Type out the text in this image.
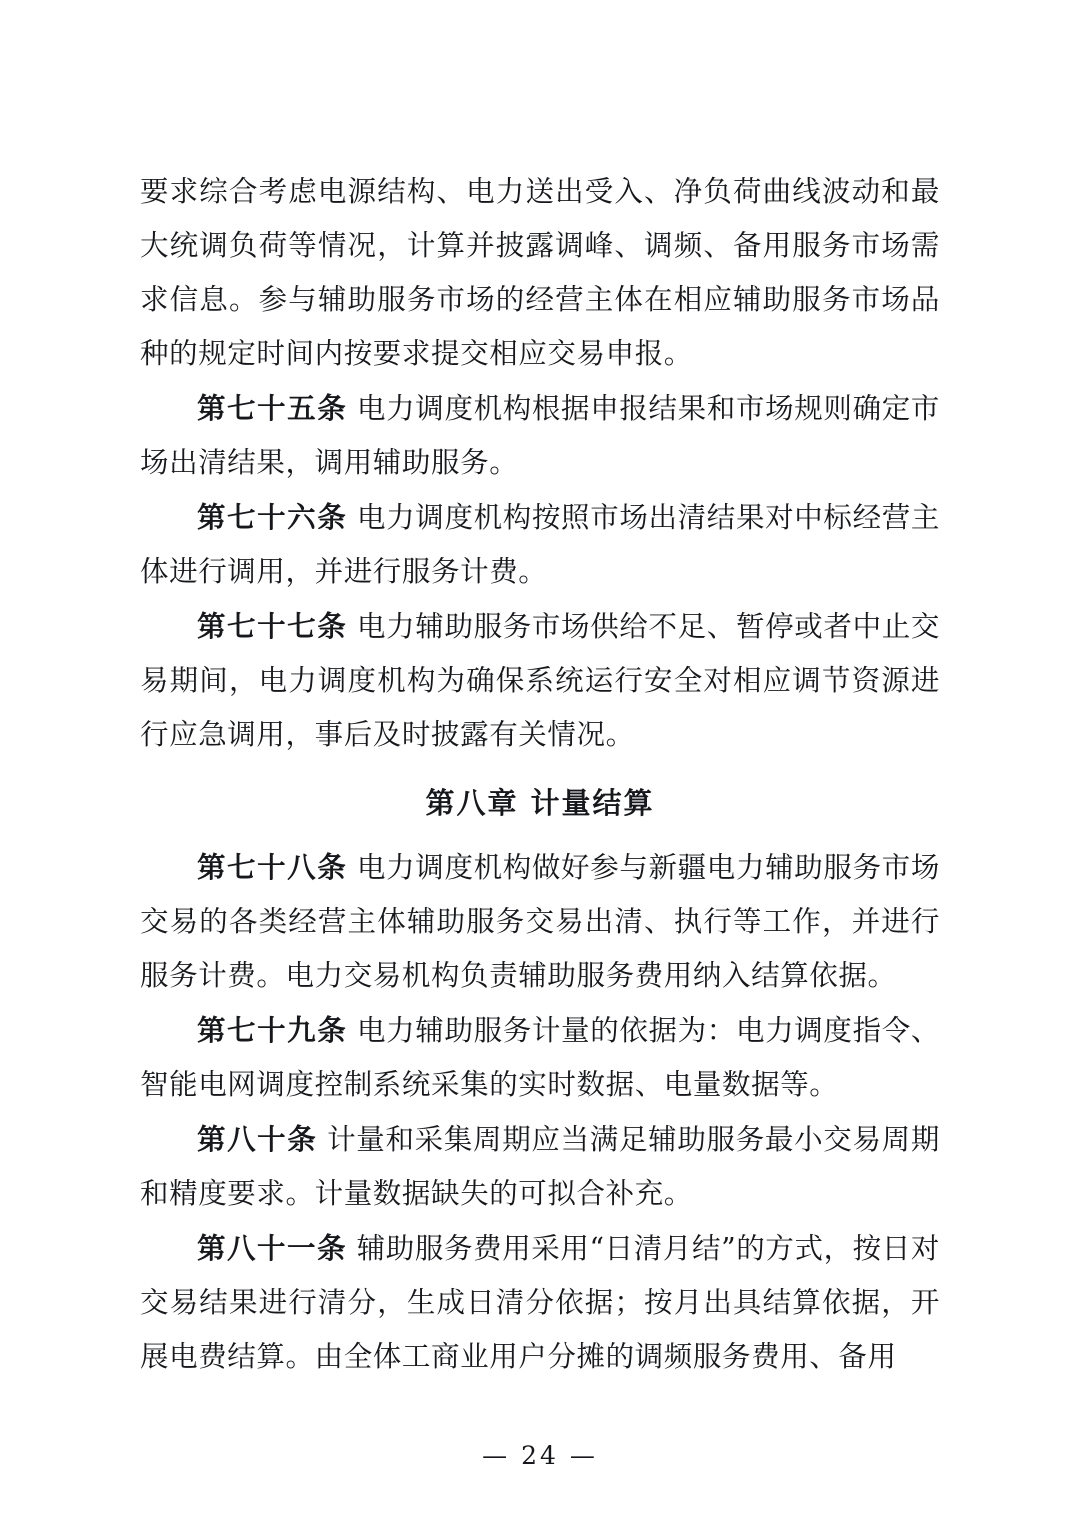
要求综合考虑电源结构、电力送出受入、净负荷曲线波动和最大统调负荷等情况，计算并披露调峰、调频、备用服务市场需求信息。参与辅助服务市场的经营主体在相应辅助服务市场品种的规定时间内按要求提交相应交易申报。

第七十五条 电力调度机构根据申报结果和市场规则确定市场出清结果，调用辅助服务。

第七十六条 电力调度机构按照市场出清结果对中标经营主体进行调用，并进行服务计费。

第七十七条 电力辅助服务市场供给不足、暂停或者中止交易期间，电力调度机构为确保系统运行安全对相应调节资源进行应急调用，事后及时披露有关情况。

第八章 计量结算

第七十八条 电力调度机构做好参与新疆电力辅助服务市场交易的各类经营主体辅助服务交易出清、执行等工作，并进行服务计费。电力交易机构负责辅助服务费用纳入结算依据。

第七十九条 电力辅助服务计量的依据为：电力调度指令、智能电网调度控制系统采集的实时数据、电量数据等。

第八十条 计量和采集周期应当满足辅助服务最小交易周期和精度要求。计量数据缺失的可拟合补充。

第八十一条 辅助服务费用采用“日清月结”的方式，按日对交易结果进行清分，生成日清分依据；按月出具结算依据，开展电费结算。由全体工商业用户分摊的调频服务费用、备用

— 24 —
